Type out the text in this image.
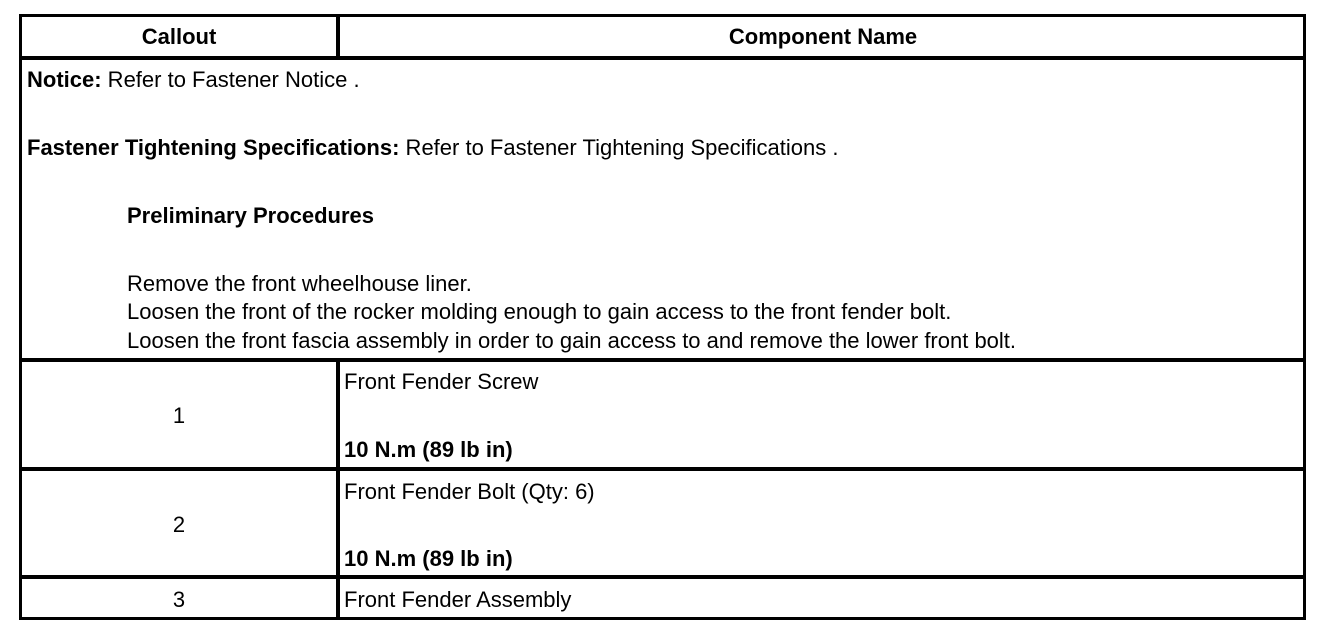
Callout	Component Name
Notice: Refer to Fastener Notice .
Fastener Tightening Specifications: Refer to Fastener Tightening Specifications .
Preliminary Procedures
Remove the front wheelhouse liner.
Loosen the front of the rocker molding enough to gain access to the front fender bolt.
Loosen the front fascia assembly in order to gain access to and remove the lower front bolt.
1
Front Fender Screw
10 N.m (89 lb in)
2
Front Fender Bolt (Qty: 6)
10 N.m (89 lb in)
3	Front Fender Assembly
